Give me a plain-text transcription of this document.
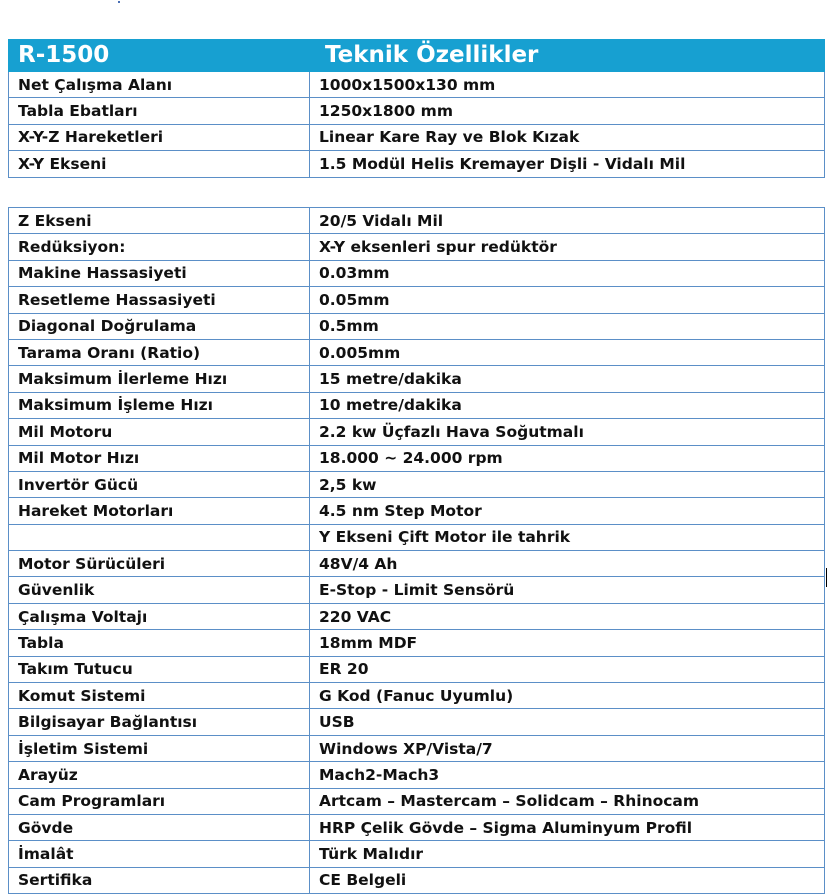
R-1500	Teknik Özellikler
Net Çalışma Alanı	1000x1500x130 mm
Tabla Ebatları	1250x1800 mm
X-Y-Z Hareketleri	Linear Kare Ray ve Blok Kızak
X-Y Ekseni	1.5 Modül Helis Kremayer Dişli - Vidalı Mil
Z Ekseni	20/5 Vidalı Mil
Redüksiyon:	X-Y eksenleri spur redüktör
Makine Hassasiyeti	0.03mm
Resetleme Hassasiyeti	0.05mm
Diagonal Doğrulama	0.5mm
Tarama Oranı (Ratio)	0.005mm
Maksimum İlerleme Hızı	15 metre/dakika
Maksimum İşleme Hızı	10 metre/dakika
Mil Motoru	2.2 kw Üçfazlı Hava Soğutmalı
Mil Motor Hızı	18.000 ~ 24.000 rpm
Invertör Gücü	2,5 kw
Hareket Motorları	4.5 nm Step Motor
	Y Ekseni Çift Motor ile tahrik
Motor Sürücüleri	48V/4 Ah
Güvenlik	E-Stop - Limit Sensörü
Çalışma Voltajı	220 VAC
Tabla	18mm MDF
Takım Tutucu	ER 20
Komut Sistemi	G Kod (Fanuc Uyumlu)
Bilgisayar Bağlantısı	USB
İşletim Sistemi	Windows XP/Vista/7
Arayüz	Mach2-Mach3
Cam Programları	Artcam – Mastercam – Solidcam – Rhinocam
Gövde	HRP Çelik Gövde – Sigma Aluminyum Profil
İmalât	Türk Malıdır
Sertifika	CE Belgeli
